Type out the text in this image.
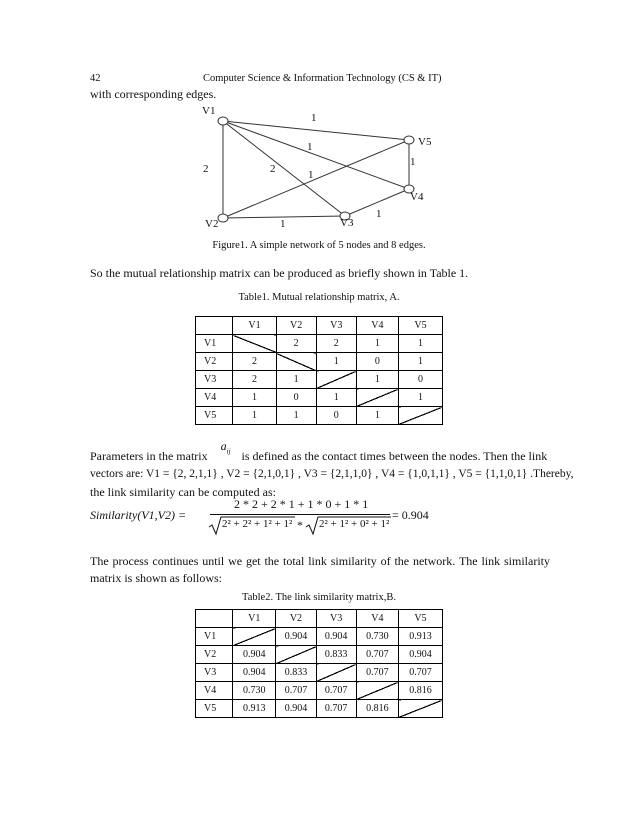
42	Computer Science & Information Technology (CS & IT)
with corresponding edges.
V1
V2	V3
V4
V5
1
1
2	2	1
1
1
1
Figure1. A simple network of 5 nodes and 8 edges.
So the mutual relationship matrix can be produced as briefly shown in Table 1.
Table1. Mutual relationship matrix, A.
	V1	V2	V3	V4	V5
V1		2	2	1	1
V2	2		1	0	1
V3	2	1		1	0
V4	1	0	1		1
V5	1	1	0	1	
Parameters in the matrix $a_{ij}$ is defined as the contact times between the nodes. Then the link
vectors are: V1 = {2, 2,1,1} , V2 = {2,1,0,1} , V3 = {2,1,1,0} , V4 = {1,0,1,1} , V5 = {1,1,0,1} .Thereby,
the link similarity can be computed as:
Similarity(V1,V2) =
2 * 2 + 2 * 1 + 1 * 0 + 1 * 1
2² + 2² + 1² + 1² * 2² + 1² + 0² + 1²
= 0.904
The process continues until we get the total link similarity of the network. The link similarity matrix is shown as follows:
Table2. The link similarity matrix,B.
	V1	V2	V3	V4	V5
V1		0.904	0.904	0.730	0.913
V2	0.904		0.833	0.707	0.904
V3	0.904	0.833		0.707	0.707
V4	0.730	0.707	0.707		0.816
V5	0.913	0.904	0.707	0.816	
